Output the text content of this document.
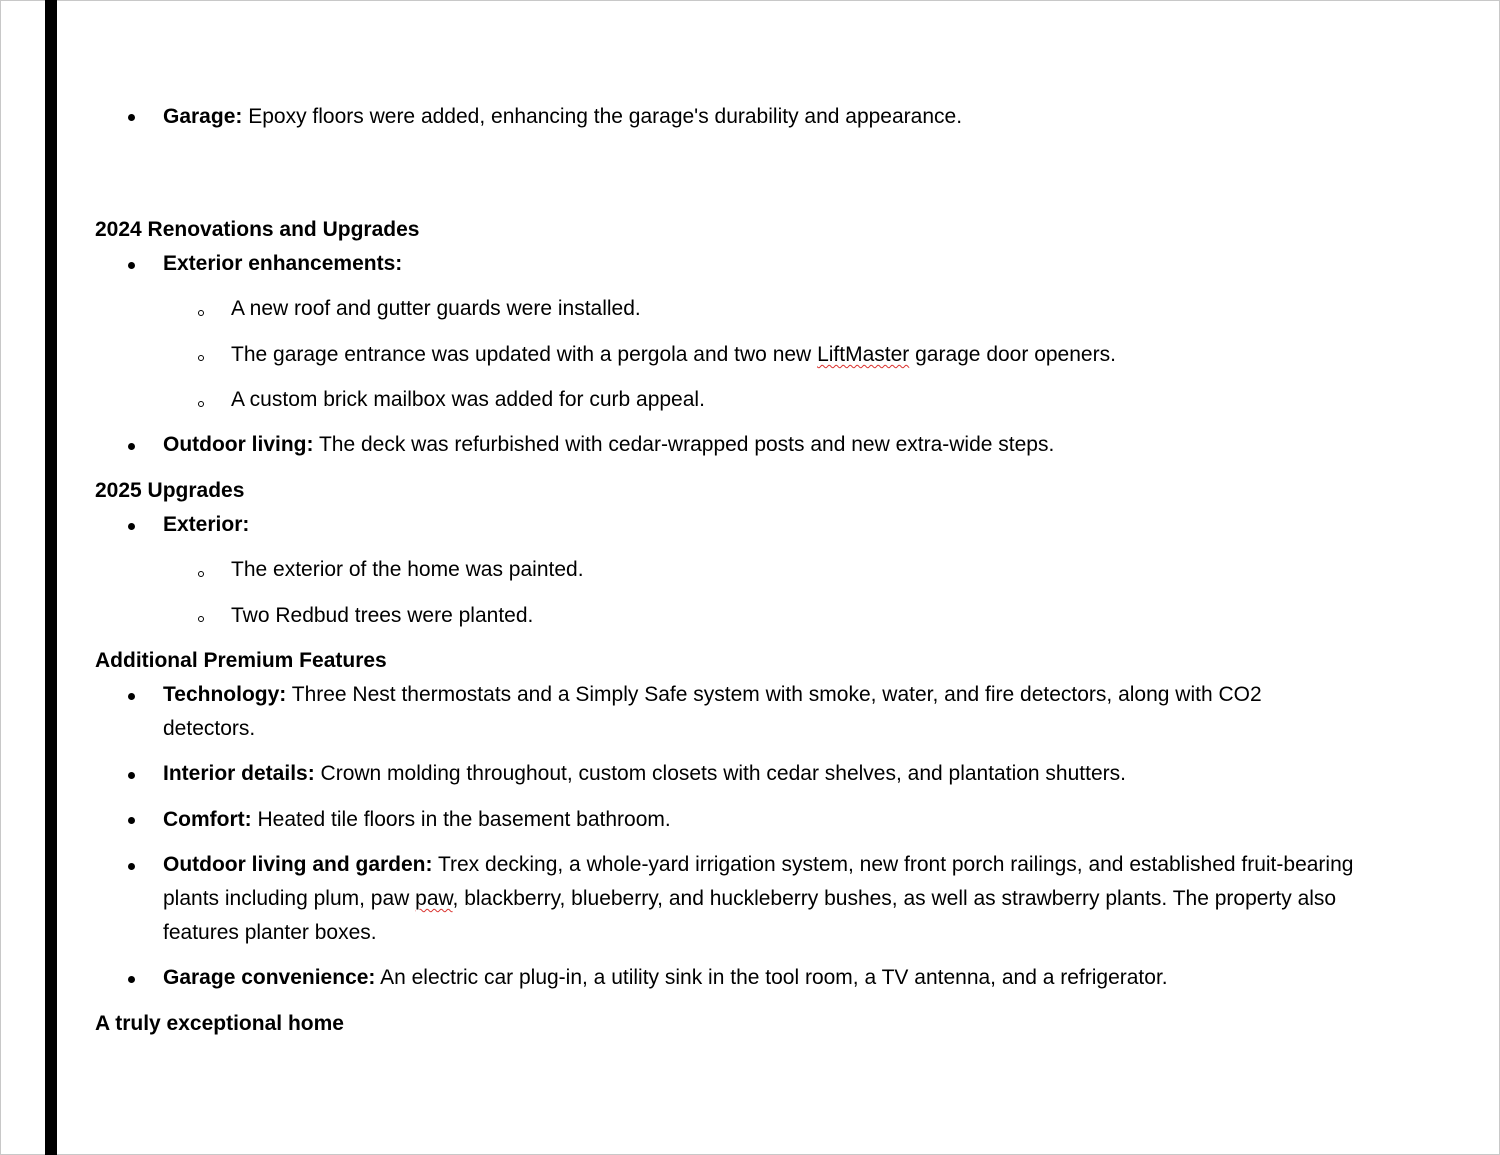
Garage: Epoxy floors were added, enhancing the garage's durability and appearance.
2024 Renovations and Upgrades
Exterior enhancements:
A new roof and gutter guards were installed.
The garage entrance was updated with a pergola and two new LiftMaster garage door openers.
A custom brick mailbox was added for curb appeal.
Outdoor living: The deck was refurbished with cedar-wrapped posts and new extra-wide steps.
2025 Upgrades
Exterior:
The exterior of the home was painted.
Two Redbud trees were planted.
Additional Premium Features
Technology: Three Nest thermostats and a Simply Safe system with smoke, water, and fire detectors, along with CO2
detectors.
Interior details: Crown molding throughout, custom closets with cedar shelves, and plantation shutters.
Comfort: Heated tile floors in the basement bathroom.
Outdoor living and garden: Trex decking, a whole-yard irrigation system, new front porch railings, and established fruit-bearing
plants including plum, paw paw, blackberry, blueberry, and huckleberry bushes, as well as strawberry plants. The property also
features planter boxes.
Garage convenience: An electric car plug-in, a utility sink in the tool room, a TV antenna, and a refrigerator.
A truly exceptional home
